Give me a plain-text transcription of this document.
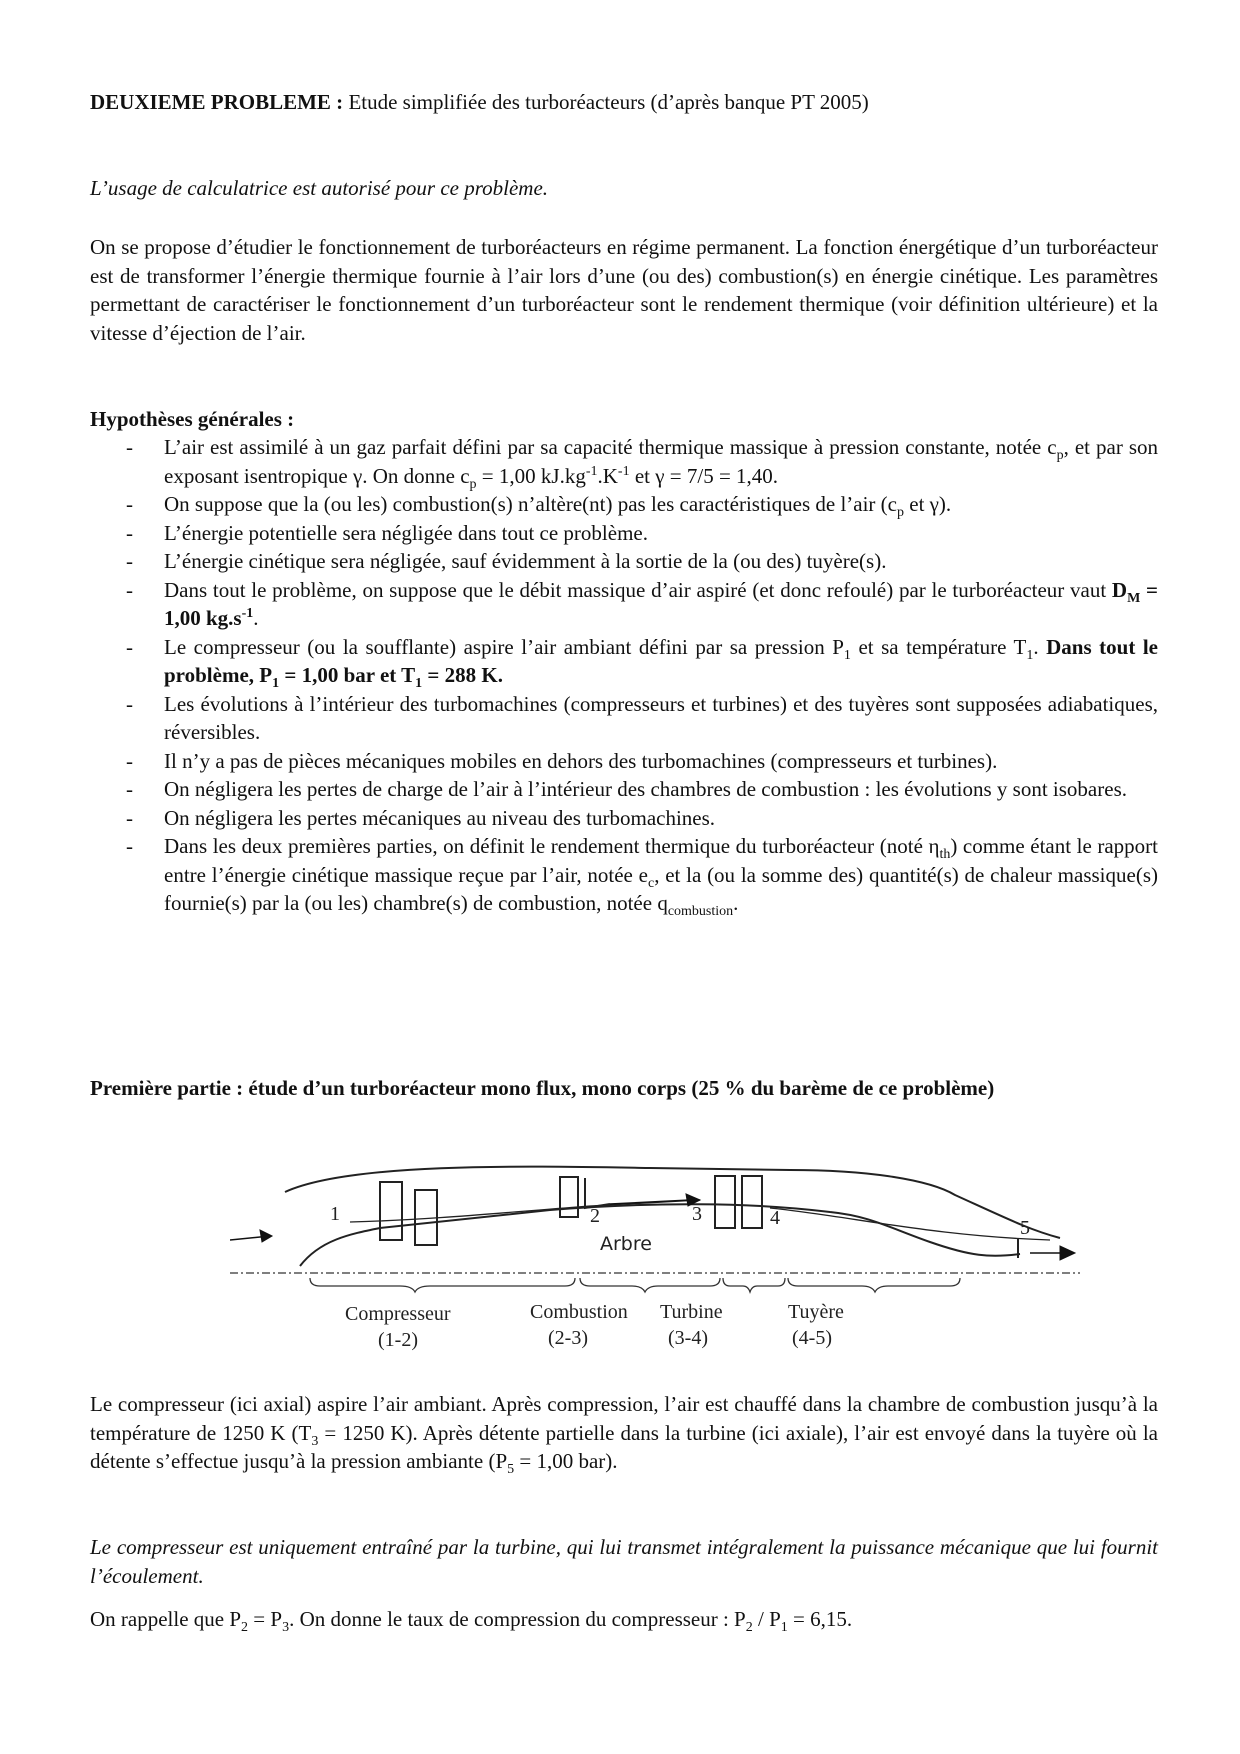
DEUXIEME PROBLEME : Etude simplifiée des turboréacteurs (d’après banque PT 2005)

L’usage de calculatrice est autorisé pour ce problème.

On se propose d’étudier le fonctionnement de turboréacteurs en régime permanent. La fonction énergétique d’un turboréacteur est de transformer l’énergie thermique fournie à l’air lors d’une (ou des) combustion(s) en énergie cinétique. Les paramètres permettant de caractériser le fonctionnement d’un turboréacteur sont le rendement thermique (voir définition ultérieure) et la vitesse d’éjection de l’air.

Hypothèses générales :

- L’air est assimilé à un gaz parfait défini par sa capacité thermique massique à pression constante, notée $c_p$, et par son exposant isentropique γ. On donne $c_p = 1,00$ $kJ.kg^{-1}.K^{-1}$ et γ = 7/5 = 1,40.
- On suppose que la (ou les) combustion(s) n’altère(nt) pas les caractéristiques de l’air ($c_p$ et γ).
- L’énergie potentielle sera négligée dans tout ce problème.
- L’énergie cinétique sera négligée, sauf évidemment à la sortie de la (ou des) tuyère(s).
- Dans tout le problème, on suppose que le débit massique d’air aspiré (et donc refoulé) par le turboréacteur vaut $D_M = 1,00$ $kg.s^{-1}$.
- Le compresseur (ou la soufflante) aspire l’air ambiant défini par sa pression $P_1$ et sa température $T_1$. Dans tout le problème, $P_1 = 1,00$ bar et $T_1 = 288$ K.
- Les évolutions à l’intérieur des turbomachines (compresseurs et turbines) et des tuyères sont supposées adiabatiques, réversibles.
- Il n’y a pas de pièces mécaniques mobiles en dehors des turbomachines (compresseurs et turbines).
- On négligera les pertes de charge de l’air à l’intérieur des chambres de combustion : les évolutions y sont isobares.
- On négligera les pertes mécaniques au niveau des turbomachines.
- Dans les deux premières parties, on définit le rendement thermique du turboréacteur (noté $\eta_{th}$) comme étant le rapport entre l’énergie cinétique massique reçue par l’air, notée $e_c$, et la (ou la somme des) quantité(s) de chaleur massique(s) fournie(s) par la (ou les) chambre(s) de combustion, notée $q_{combustion}$.

Première partie : étude d’un turboréacteur mono flux, mono corps (25 % du barème de ce problème)

1	2	3	4	5
Arbre
Compresseur
(1-2)
Combustion
(2-3)
Turbine
(3-4)
Tuyère
(4-5)

Le compresseur (ici axial) aspire l’air ambiant. Après compression, l’air est chauffé dans la chambre de combustion jusqu’à la température de 1250 K ($T_3 = 1250$ K). Après détente partielle dans la turbine (ici axiale), l’air est envoyé dans la tuyère où la détente s’effectue jusqu’à la pression ambiante ($P_5 = 1,00$ bar).

Le compresseur est uniquement entraîné par la turbine, qui lui transmet intégralement la puissance mécanique que lui fournit l’écoulement.

On rappelle que $P_2 = P_3$. On donne le taux de compression du compresseur : $P_2 / P_1 = 6,15$.
